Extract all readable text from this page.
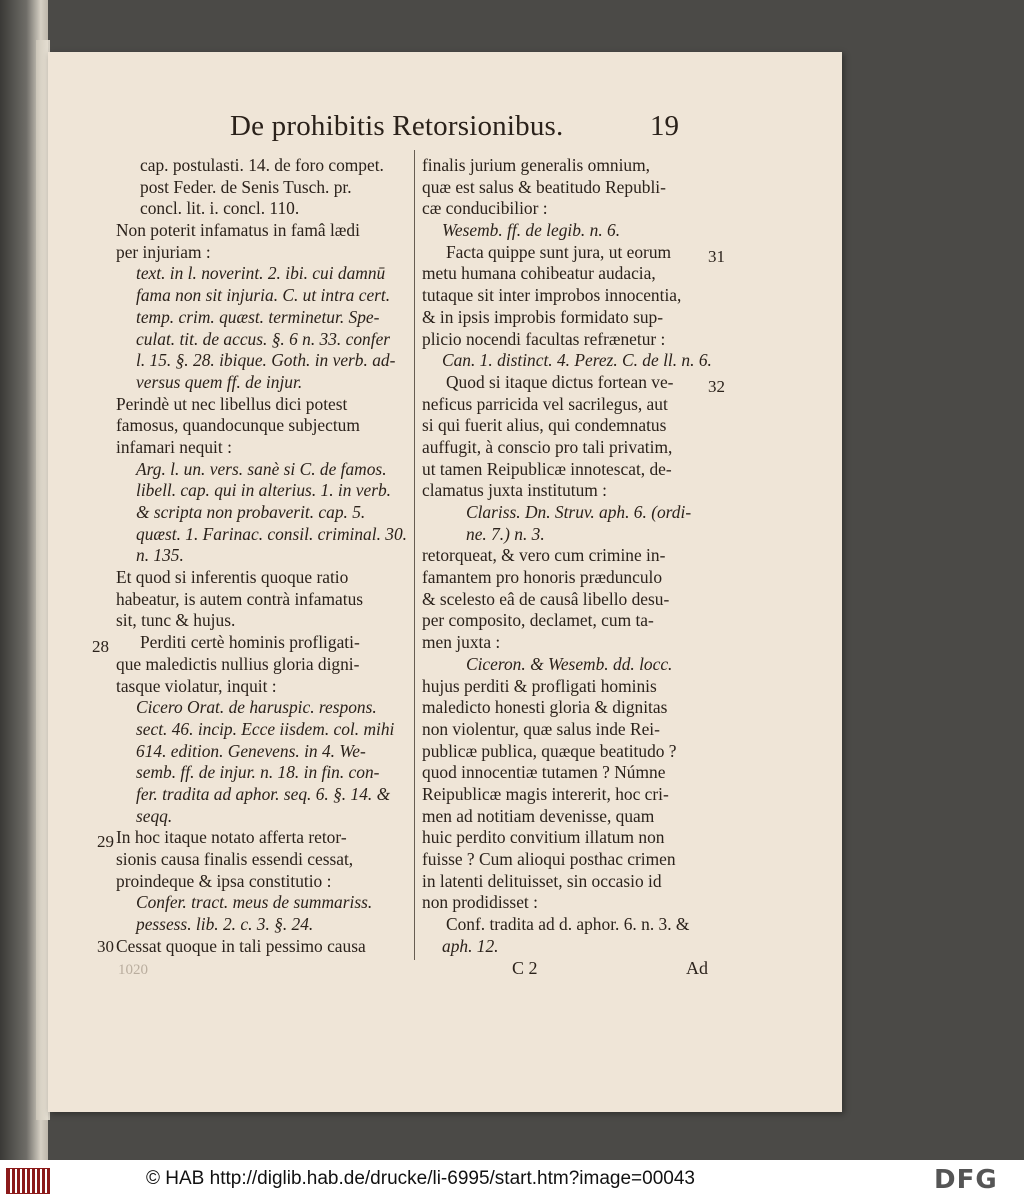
De prohibitis Retorsionibus.	19
cap. postulasti. 14. de foro compet.
post Feder. de Senis Tusch. pr.
concl. lit. i. concl. 110.
Non poterit infamatus in famâ lædi
per injuriam :
text. in l. noverint. 2. ibi. cui damnū
fama non sit injuria. C. ut intra cert.
temp. crim. quæst. terminetur. Spe-
culat. tit. de accus. §. 6 n. 33. confer
l. 15. §. 28. ibique. Goth. in verb. ad-
versus quem ff. de injur.
Perindè ut nec libellus dici potest
famosus, quandocunque subjectum
infamari nequit :
Arg. l. un. vers. sanè si C. de famos.
libell. cap. qui in alterius. 1. in verb.
& scripta non probaverit. cap. 5.
quæst. 1. Farinac. consil. criminal. 30.
n. 135.
Et quod si inferentis quoque ratio
habeatur, is autem contrà infamatus
sit, tunc & hujus.
Perditi certè hominis profligati-
que maledictis nullius gloria digni-
tasque violatur, inquit :
Cicero Orat. de haruspic. respons.
sect. 46. incip. Ecce iisdem. col. mihi
614. edition. Genevens. in 4. We-
semb. ff. de injur. n. 18. in fin. con-
fer. tradita ad aphor. seq. 6. §. 14. &
seqq.
In hoc itaque notato afferta retor-
sionis causa finalis essendi cessat,
proindeque & ipsa constitutio :
Confer. tract. meus de summariss.
pessess. lib. 2. c. 3. §. 24.
Cessat quoque in tali pessimo causa
finalis jurium generalis omnium,
quæ est salus & beatitudo Republi-
cæ conducibilior :
Wesemb. ff. de legib. n. 6.
Facta quippe sunt jura, ut eorum
metu humana cohibeatur audacia,
tutaque sit inter improbos innocentia,
& in ipsis improbis formidato sup-
plicio nocendi facultas refrænetur :
Can. 1. distinct. 4. Perez. C. de ll. n. 6.
Quod si itaque dictus fortean ve-
neficus parricida vel sacrilegus, aut
si qui fuerit alius, qui condemnatus
auffugit, à conscio pro tali privatim,
ut tamen Reipublicæ innotescat, de-
clamatus juxta institutum :
Clariss. Dn. Struv. aph. 6. (ordi-
ne. 7.) n. 3.
retorqueat, & vero cum crimine in-
famantem pro honoris prædunculo
& scelesto eâ de causâ libello desu-
per composito, declamet, cum ta-
men juxta :
Ciceron. & Wesemb. dd. locc.
hujus perditi & profligati hominis
maledicto honesti gloria & dignitas
non violentur, quæ salus inde Rei-
publicæ publica, quæque beatitudo ?
quod innocentiæ tutamen ? Númne
Reipublicæ magis intererit, hoc cri-
men ad notitiam devenisse, quam
huic perdito convitium illatum non
fuisse ? Cum alioqui posthac crimen
in latenti delituisset, sin occasio id
non prodidisset :
Conf. tradita ad d. aphor. 6. n. 3. &
aph. 12.
28
29
30
31
32
1020	C 2	Ad
© HAB http://diglib.hab.de/drucke/li-6995/start.htm?image=00043	DFG
